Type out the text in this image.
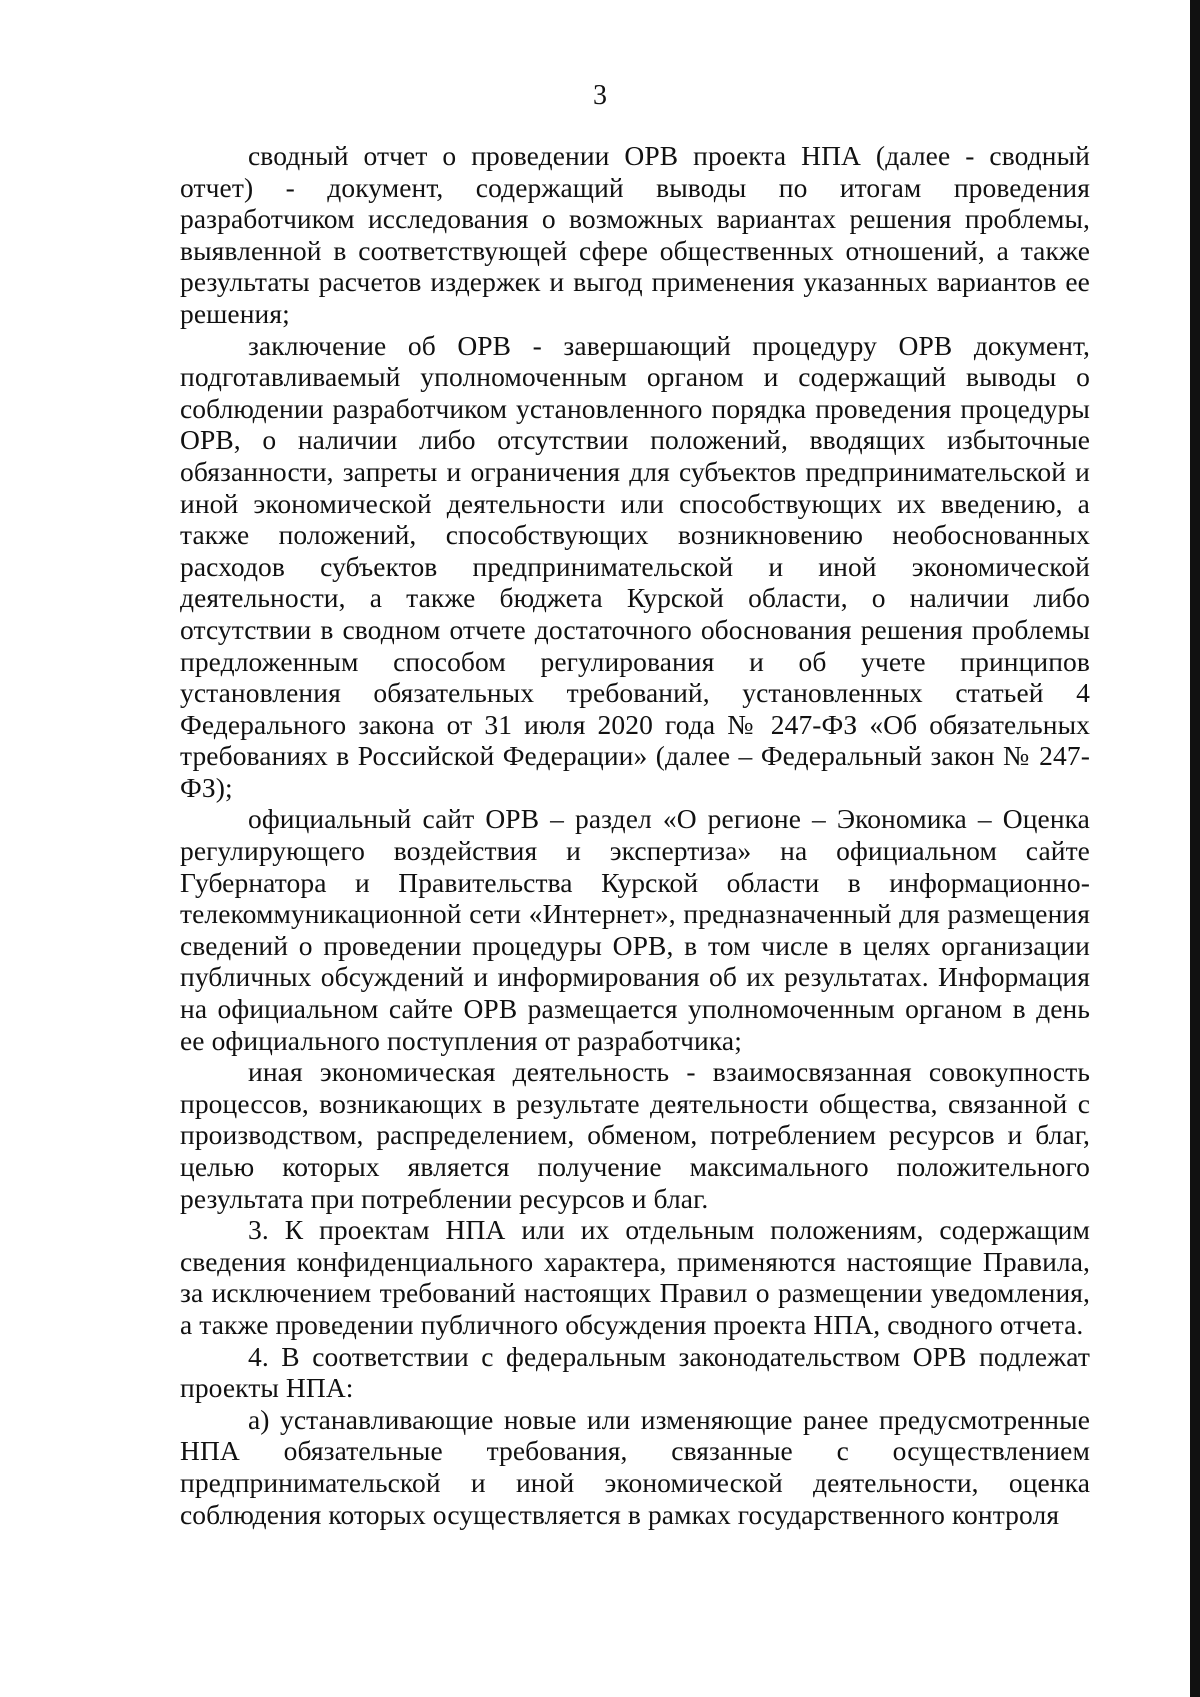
3

сводный отчет о проведении ОРВ проекта НПА (далее - сводный отчет) - документ, содержащий выводы по итогам проведения разработчиком исследования о возможных вариантах решения проблемы, выявленной в соответствующей сфере общественных отношений, а также результаты расчетов издержек и выгод применения указанных вариантов ее решения;

заключение об ОРВ - завершающий процедуру ОРВ документ, подготавливаемый уполномоченным органом и содержащий выводы о соблюдении разработчиком установленного порядка проведения процедуры ОРВ, о наличии либо отсутствии положений, вводящих избыточные обязанности, запреты и ограничения для субъектов предпринимательской и иной экономической деятельности или способствующих их введению, а также положений, способствующих возникновению необоснованных расходов субъектов предпринимательской и иной экономической деятельности, а также бюджета Курской области, о наличии либо отсутствии в сводном отчете достаточного обоснования решения проблемы предложенным способом регулирования и об учете принципов установления обязательных требований, установленных статьей 4 Федерального закона от 31 июля 2020 года № 247-ФЗ «Об обязательных требованиях в Российской Федерации» (далее – Федеральный закон № 247-ФЗ);

официальный сайт ОРВ – раздел «О регионе – Экономика – Оценка регулирующего воздействия и экспертиза» на официальном сайте Губернатора и Правительства Курской области в информационно-телекоммуникационной сети «Интернет», предназначенный для размещения сведений о проведении процедуры ОРВ, в том числе в целях организации публичных обсуждений и информирования об их результатах. Информация на официальном сайте ОРВ размещается уполномоченным органом в день ее официального поступления от разработчика;

иная экономическая деятельность - взаимосвязанная совокупность процессов, возникающих в результате деятельности общества, связанной с производством, распределением, обменом, потреблением ресурсов и благ, целью которых является получение максимального положительного результата при потреблении ресурсов и благ.

3. К проектам НПА или их отдельным положениям, содержащим сведения конфиденциального характера, применяются настоящие Правила, за исключением требований настоящих Правил о размещении уведомления, а также проведении публичного обсуждения проекта НПА, сводного отчета.

4. В соответствии с федеральным законодательством ОРВ подлежат проекты НПА:

а) устанавливающие новые или изменяющие ранее предусмотренные НПА обязательные требования, связанные с осуществлением предпринимательской и иной экономической деятельности, оценка соблюдения которых осуществляется в рамках государственного контроля
